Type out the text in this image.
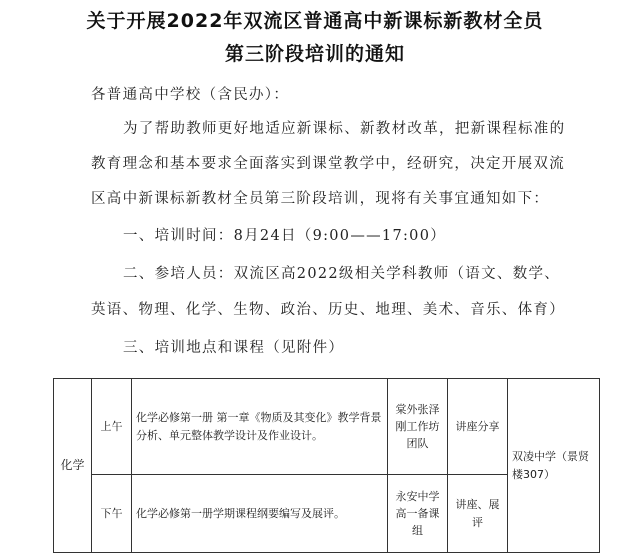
关于开展2022年双流区普通高中新课标新教材全员
第三阶段培训的通知
各普通高中学校（含民办）：
为了帮助教师更好地适应新课标、新教材改革，把新课程标准的
教育理念和基本要求全面落实到课堂教学中，经研究，决定开展双流
区高中新课标新教材全员第三阶段培训，现将有关事宜通知如下：
一、培训时间：8月24日（9:00——17:00）
二、参培人员：双流区高2022级相关学科教师（语文、数学、
英语、物理、化学、生物、政治、历史、地理、美术、音乐、体育）
三、培训地点和课程（见附件）
化学	上午	化学必修第一册 第一章《物质及其变化》教学背景分析、单元整体教学设计及作业设计。	棠外张泽刚工作坊团队	讲座分享	双凌中学（景贤楼307）
	下午	化学必修第一册学期课程纲要编写及展评。	永安中学高一备课组	讲座、展评	
